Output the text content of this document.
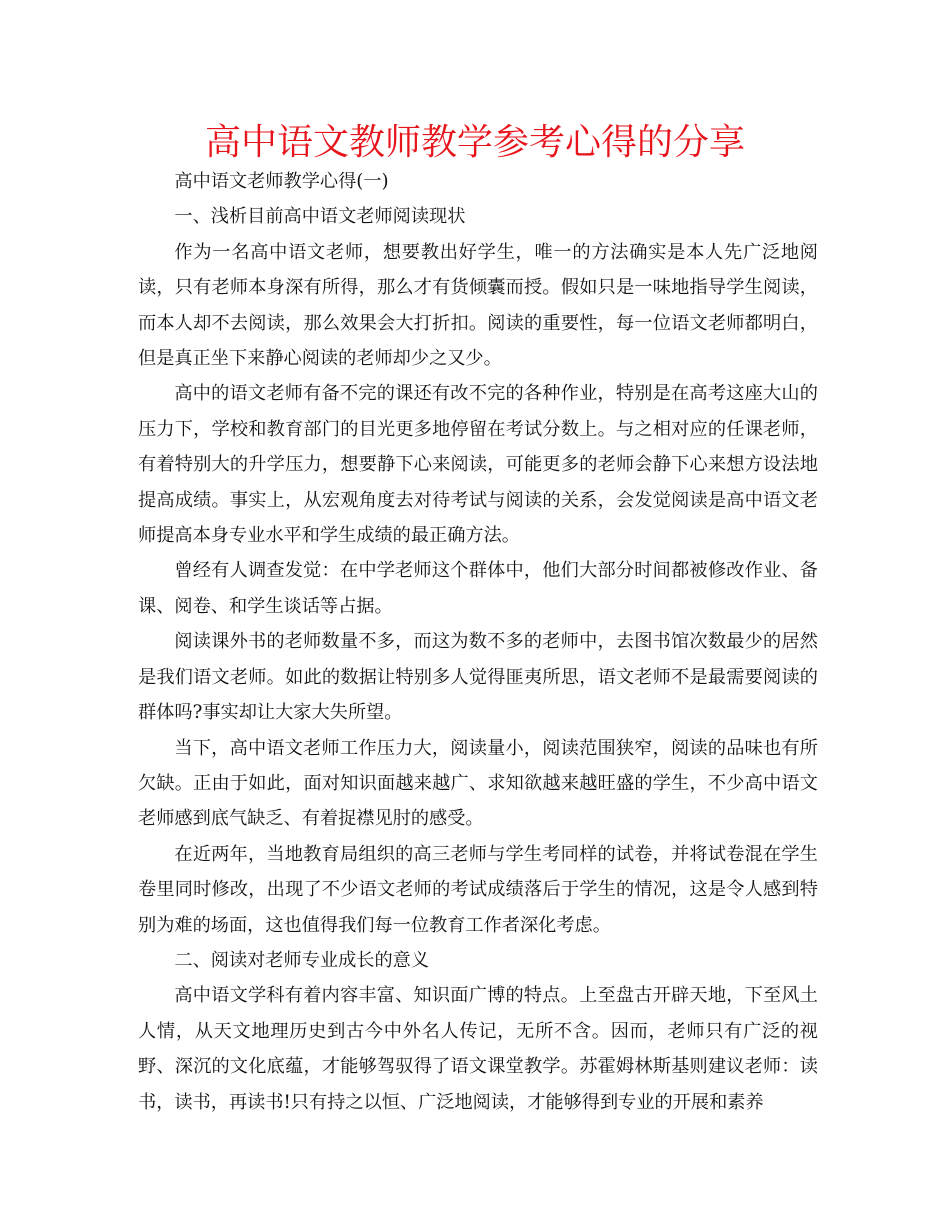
高中语文教师教学参考心得的分享

高中语文老师教学心得(一)

一、浅析目前高中语文老师阅读现状

作为一名高中语文老师，想要教出好学生，唯一的方法确实是本人先广泛地阅读，只有老师本身深有所得，那么才有货倾囊而授。假如只是一味地指导学生阅读，而本人却不去阅读，那么效果会大打折扣。阅读的重要性，每一位语文老师都明白，但是真正坐下来静心阅读的老师却少之又少。

高中的语文老师有备不完的课还有改不完的各种作业，特别是在高考这座大山的压力下，学校和教育部门的目光更多地停留在考试分数上。与之相对应的任课老师，有着特别大的升学压力，想要静下心来阅读，可能更多的老师会静下心来想方设法地提高成绩。事实上，从宏观角度去对待考试与阅读的关系，会发觉阅读是高中语文老师提高本身专业水平和学生成绩的最正确方法。

曾经有人调查发觉：在中学老师这个群体中，他们大部分时间都被修改作业、备课、阅卷、和学生谈话等占据。

阅读课外书的老师数量不多，而这为数不多的老师中，去图书馆次数最少的居然是我们语文老师。如此的数据让特别多人觉得匪夷所思，语文老师不是最需要阅读的群体吗?事实却让大家大失所望。

当下，高中语文老师工作压力大，阅读量小，阅读范围狭窄，阅读的品味也有所欠缺。正由于如此，面对知识面越来越广、求知欲越来越旺盛的学生，不少高中语文老师感到底气缺乏、有着捉襟见肘的感受。

在近两年，当地教育局组织的高三老师与学生考同样的试卷，并将试卷混在学生卷里同时修改，出现了不少语文老师的考试成绩落后于学生的情况，这是令人感到特别为难的场面，这也值得我们每一位教育工作者深化考虑。

二、阅读对老师专业成长的意义

高中语文学科有着内容丰富、知识面广博的特点。上至盘古开辟天地，下至风土人情，从天文地理历史到古今中外名人传记，无所不含。因而，老师只有广泛的视野、深沉的文化底蕴，才能够驾驭得了语文课堂教学。苏霍姆林斯基则建议老师：读书，读书，再读书!只有持之以恒、广泛地阅读，才能够得到专业的开展和素养
